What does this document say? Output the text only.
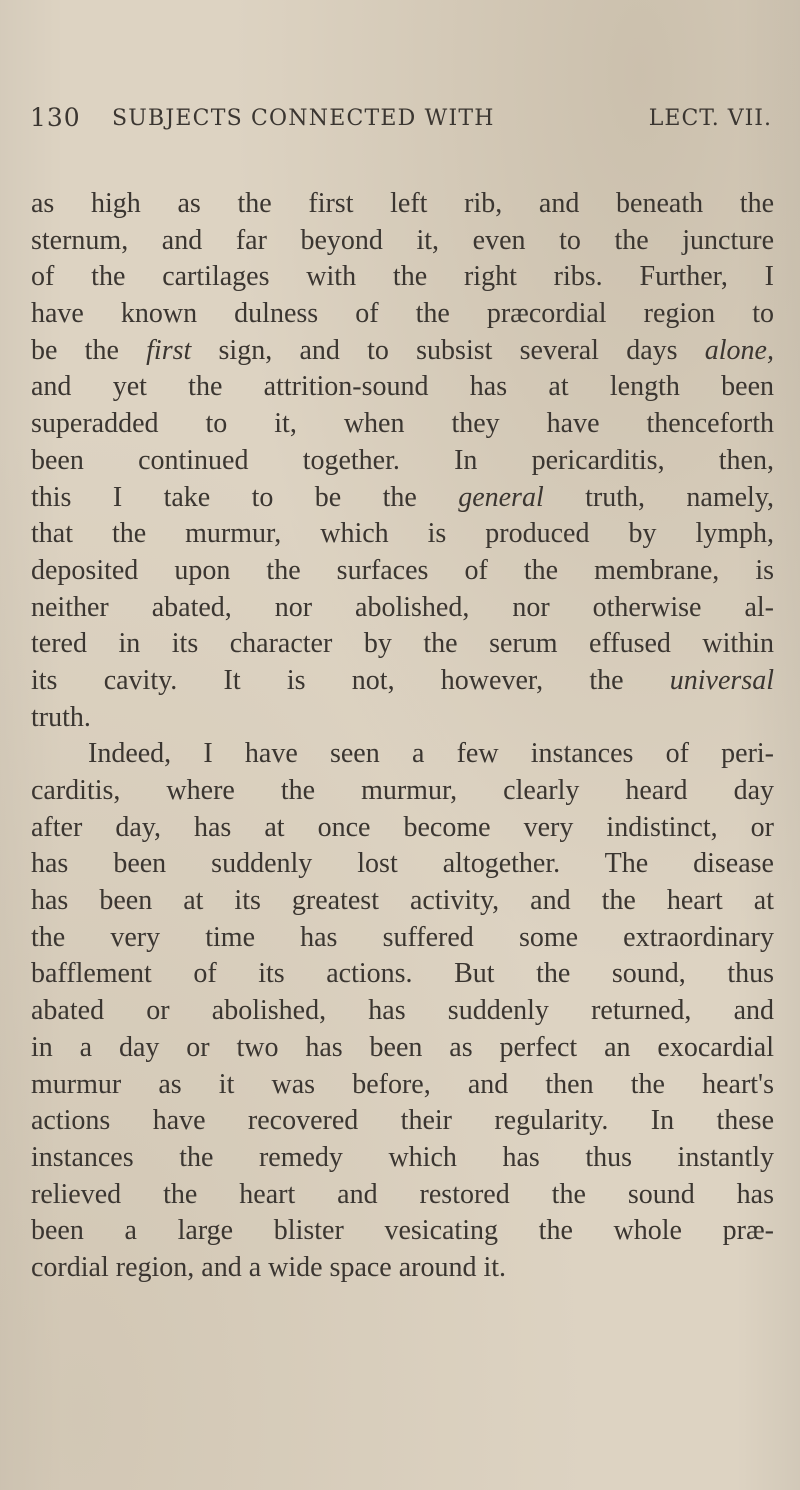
130 SUBJECTS CONNECTED WITH	LECT. VII.
as high as the first left rib, and beneath the
sternum, and far beyond it, even to the juncture
of the cartilages with the right ribs. Further, I
have known dulness of the præcordial region to
be the first sign, and to subsist several days alone,
and yet the attrition-sound has at length been
superadded to it, when they have thenceforth
been continued together. In pericarditis, then,
this I take to be the general truth, namely,
that the murmur, which is produced by lymph,
deposited upon the surfaces of the membrane, is
neither abated, nor abolished, nor otherwise al-
tered in its character by the serum effused within
its cavity. It is not, however, the universal
truth.
Indeed, I have seen a few instances of peri-
carditis, where the murmur, clearly heard day
after day, has at once become very indistinct, or
has been suddenly lost altogether. The disease
has been at its greatest activity, and the heart at
the very time has suffered some extraordinary
bafflement of its actions. But the sound, thus
abated or abolished, has suddenly returned, and
in a day or two has been as perfect an exocardial
murmur as it was before, and then the heart's
actions have recovered their regularity. In these
instances the remedy which has thus instantly
relieved the heart and restored the sound has
been a large blister vesicating the whole præ-
cordial region, and a wide space around it.
